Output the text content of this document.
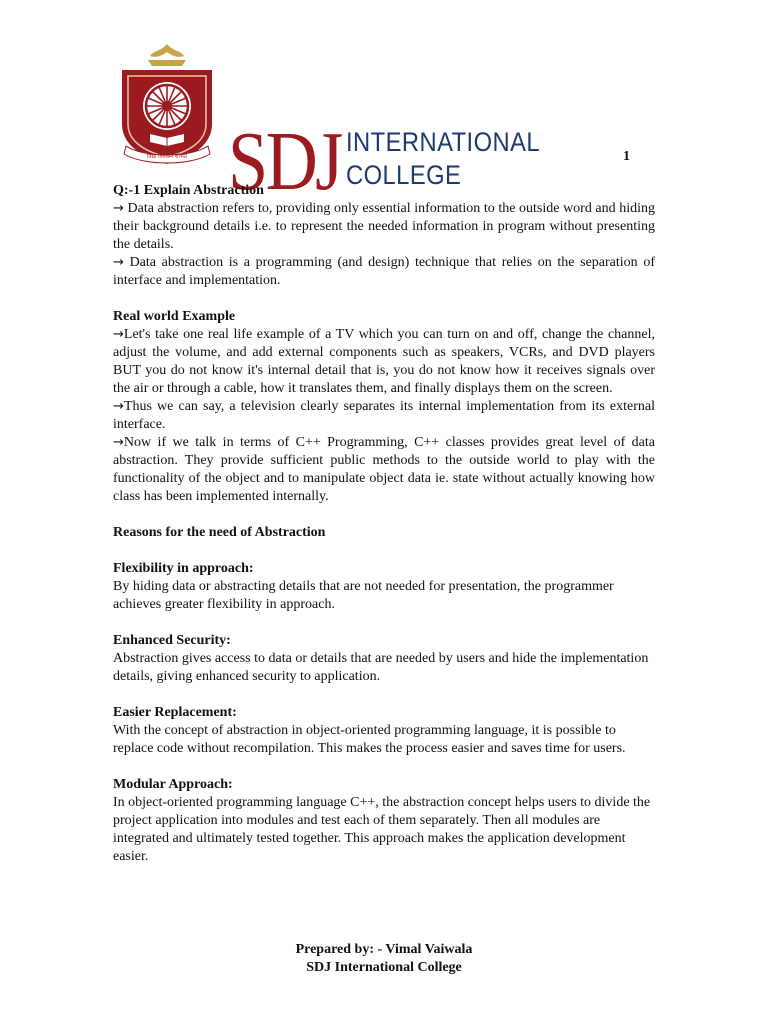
विद्या विवेकेन शोभते SDJ INTERNATIONAL
COLLEGE
1

Q:-1 Explain Abstraction

→ Data abstraction refers to, providing only essential information to the outside word and hiding their background details i.e. to represent the needed information in program without presenting the details.

→ Data abstraction is a programming (and design) technique that relies on the separation of interface and implementation.

Real world Example

→Let's take one real life example of a TV which you can turn on and off, change the channel, adjust the volume, and add external components such as speakers, VCRs, and DVD players BUT you do not know it's internal detail that is, you do not know how it receives signals over the air or through a cable, how it translates them, and finally displays them on the screen.

→Thus we can say, a television clearly separates its internal implementation from its external interface.

→Now if we talk in terms of C++ Programming, C++ classes provides great level of data abstraction. They provide sufficient public methods to the outside world to play with the functionality of the object and to manipulate object data ie. state without actually knowing how class has been implemented internally.

Reasons for the need of Abstraction

Flexibility in approach:

By hiding data or abstracting details that are not needed for presentation, the programmer achieves greater flexibility in approach.

Enhanced Security:

Abstraction gives access to data or details that are needed by users and hide the implementation details, giving enhanced security to application.

Easier Replacement:

With the concept of abstraction in object-oriented programming language, it is possible to replace code without recompilation. This makes the process easier and saves time for users.

Modular Approach:

In object-oriented programming language C++, the abstraction concept helps users to divide the project application into modules and test each of them separately. Then all modules are integrated and ultimately tested together. This approach makes the application development easier.

Prepared by: - Vimal Vaiwala
SDJ International College
